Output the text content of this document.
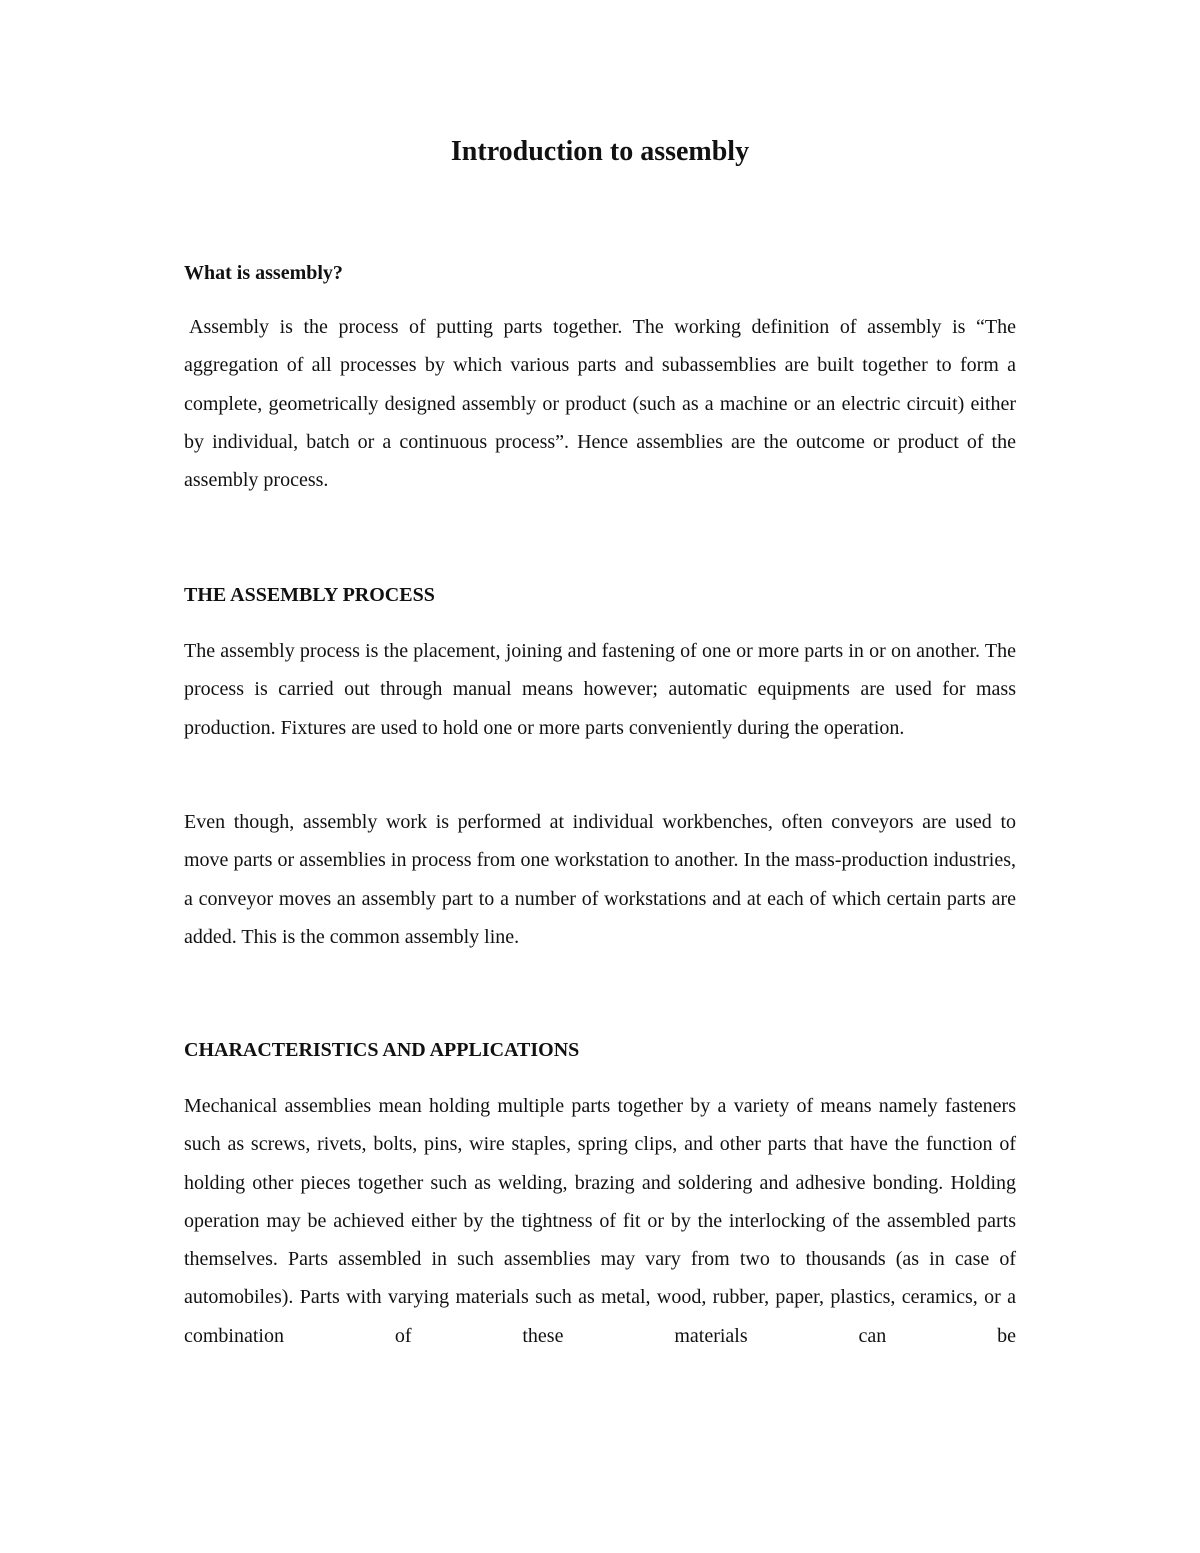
Introduction to assembly
What is assembly?

Assembly is the process of putting parts together. The working definition of assembly is “The aggregation of all processes by which various parts and subassemblies are built together to form a complete, geometrically designed assembly or product (such as a machine or an electric circuit) either by individual, batch or a continuous process”. Hence assemblies are the outcome or product of the assembly process.

THE ASSEMBLY PROCESS

The assembly process is the placement, joining and fastening of one or more parts in or on another. The process is carried out through manual means however; automatic equipments are used for mass production. Fixtures are used to hold one or more parts conveniently during the operation.

Even though, assembly work is performed at individual workbenches, often conveyors are used to move parts or assemblies in process from one workstation to another. In the mass-production industries, a conveyor moves an assembly part to a number of workstations and at each of which certain parts are added. This is the common assembly line.

CHARACTERISTICS AND APPLICATIONS

Mechanical assemblies mean holding multiple parts together by a variety of means namely fasteners such as screws, rivets, bolts, pins, wire staples, spring clips, and other parts that have the function of holding other pieces together such as welding, brazing and soldering and adhesive bonding. Holding operation may be achieved either by the tightness of fit or by the interlocking of the assembled parts themselves. Parts assembled in such assemblies may vary from two to thousands (as in case of automobiles). Parts with varying materials such as metal, wood, rubber, paper, plastics, ceramics, or a combination of these materials can be
